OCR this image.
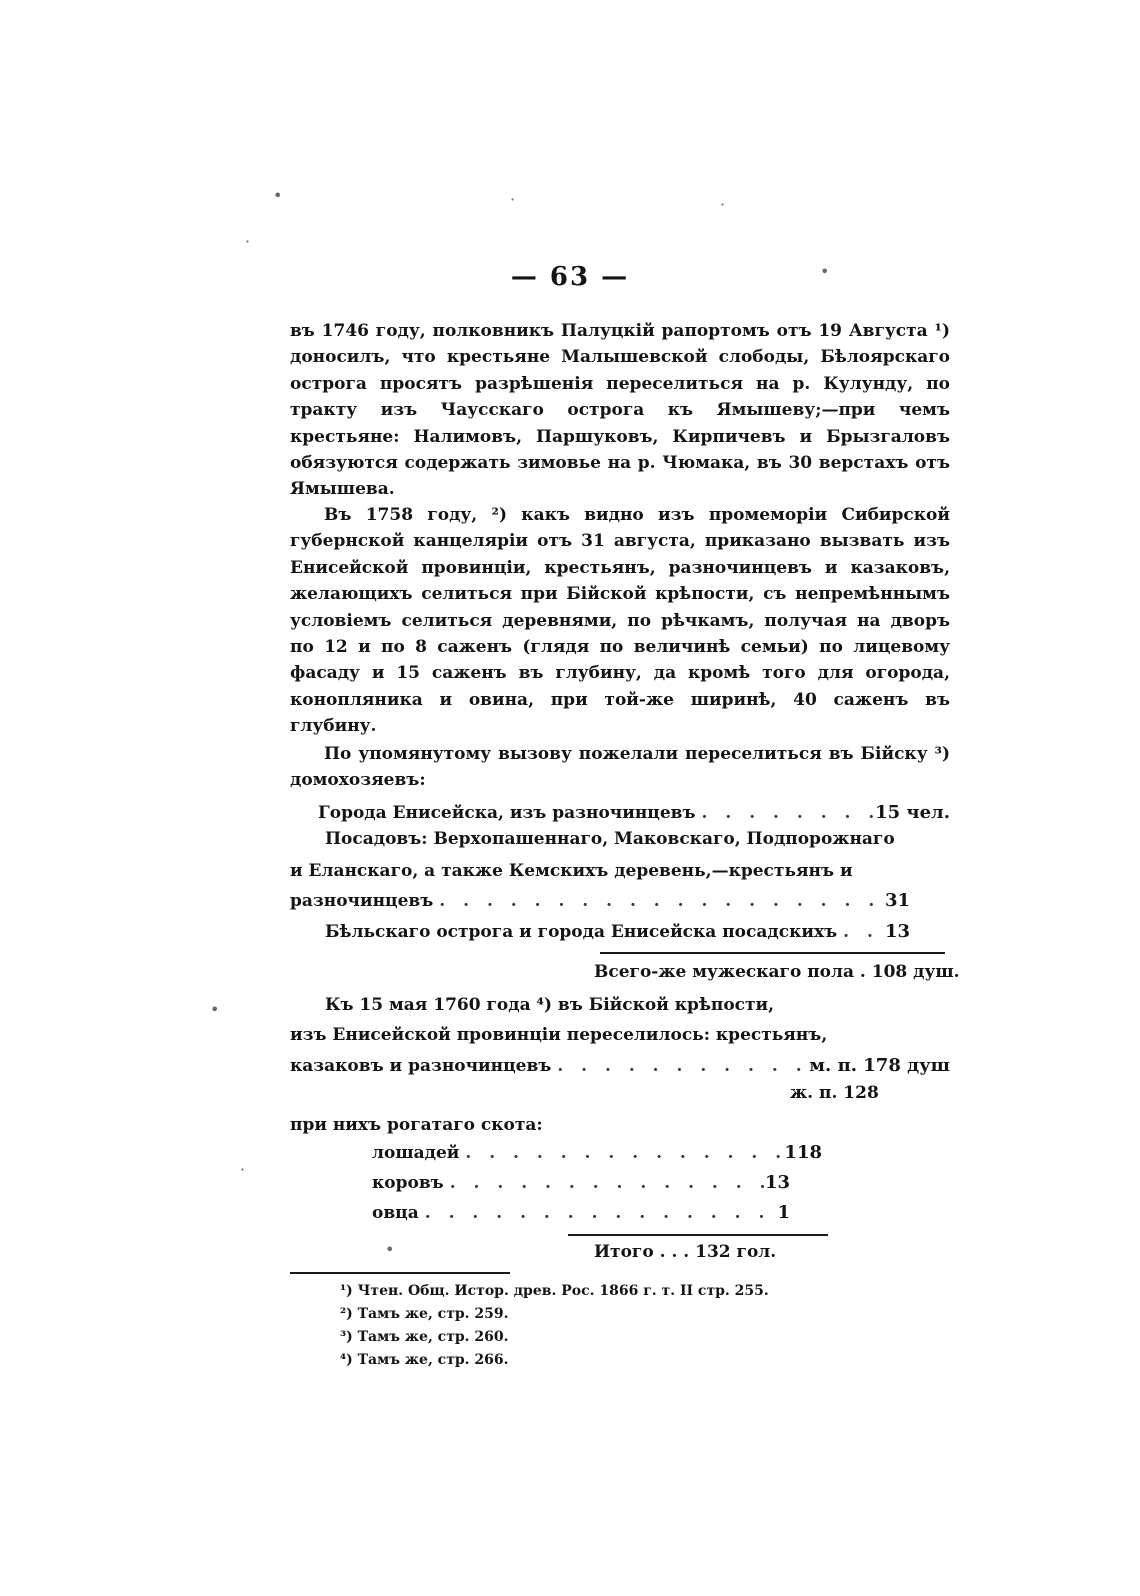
•	·	·
·
•
•
·
•
— 63 —
въ 1746 году, полковникъ Палуцкій рапортомъ отъ 19 Августа ¹) доносилъ, что крестьяне Малышевской слободы, Бѣлоярскаго острога просятъ разрѣшенія переселиться на р. Кулунду, по тракту изъ Чаусскаго острога къ Ямышеву;—при чемъ крестьяне: Налимовъ, Паршуковъ, Кирпичевъ и Брызгаловъ обязуются содержать зимовье на р. Чюмака, въ 30 верстахъ отъ Ямышева.
Въ 1758 году, ²) какъ видно изъ промеморіи Сибирской губернской канцеляріи отъ 31 августа, приказано вызвать изъ Енисейской провинціи, крестьянъ, разночинцевъ и казаковъ, желающихъ селиться при Бійской крѣпости, съ непремѣннымъ условіемъ селиться деревнями, по рѣчкамъ, получая на дворъ по 12 и по 8 саженъ (глядя по величинѣ семьи) по лицевому фасаду и 15 саженъ въ глубину, да кромѣ того для огорода, конопляника и овина, при той-же ширинѣ, 40 саженъ въ глубину.
По упомянутому вызову пожелали переселиться въ Бійску ³) домохозяевъ:
Города Енисейска, изъ разночинцевъ . . .	15 чел.
Посадовъ: Верхопашеннаго, Маковскаго, Подпорожнаго
и Еланскаго, а также Кемскихъ деревень,—крестьянъ и
разночинцевъ . . .	31
Бѣльскаго острога и города Енисейска посадскихъ . . .	13
Всего-же мужескаго пола . 108 душ.
Къ 15 мая 1760 года ⁴) въ Бійской крѣпости,
изъ Енисейской провинціи переселилось: крестьянъ,
казаковъ и разночинцевъ . . .	м. п. 178 душ
ж. п. 128
при нихъ рогатаго скота:
лошадей . . .	118
коровъ . . .	13
овца . . .	1
Итого . . . 132 гол.
¹) Чтен. Общ. Истор. древ. Рос. 1866 г. т. II стр. 255.
²) Тамъ же, стр. 259.
³) Тамъ же, стр. 260.
⁴) Тамъ же, стр. 266.
